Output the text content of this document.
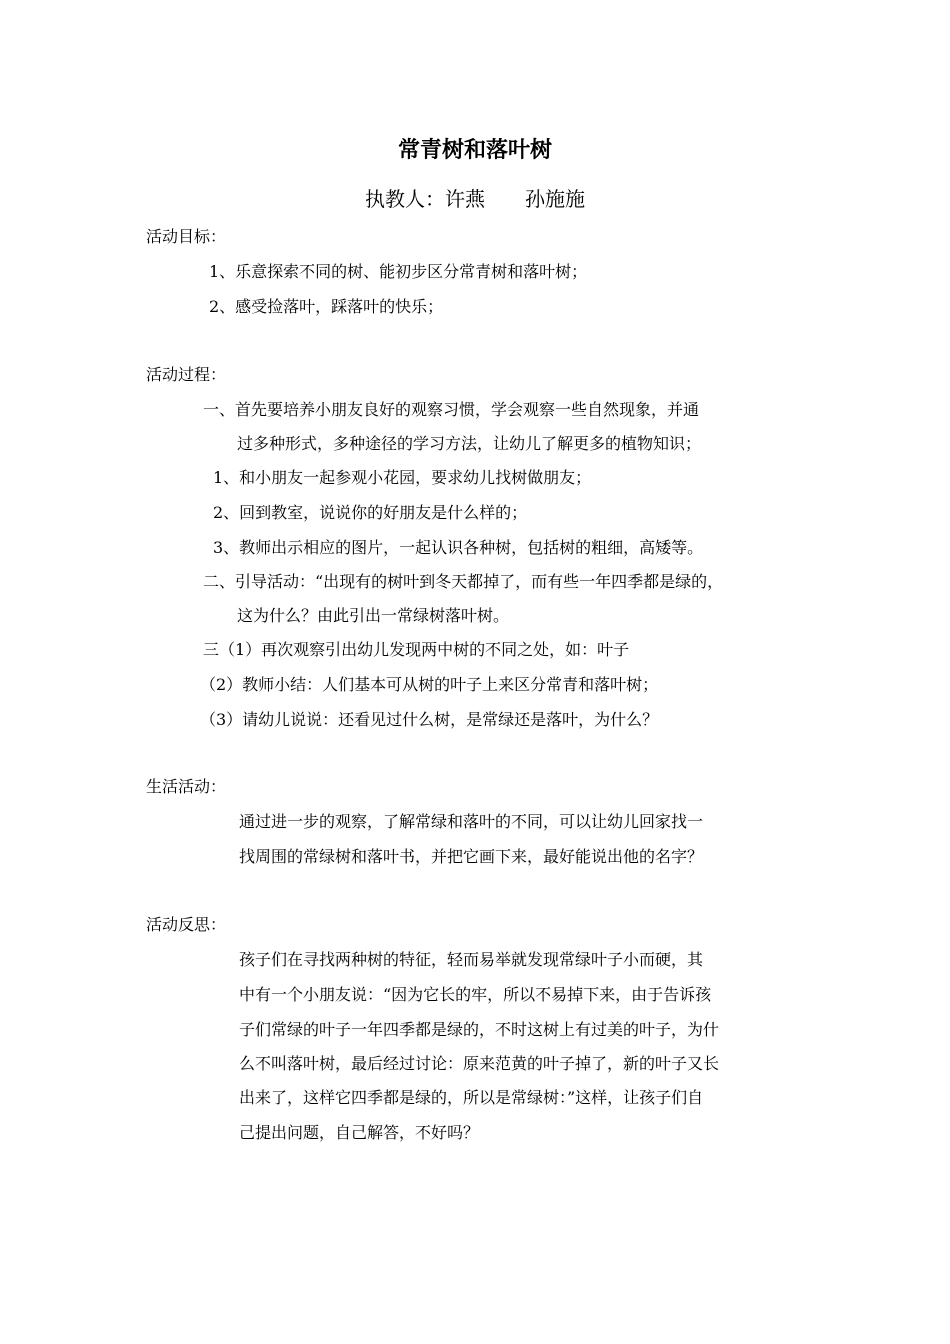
常青树和落叶树
执教人：许燕　　孙施施
活动目标：
1、乐意探索不同的树、能初步区分常青树和落叶树；
2、感受捡落叶，踩落叶的快乐；
活动过程：
一、首先要培养小朋友良好的观察习惯，学会观察一些自然现象，并通
过多种形式，多种途径的学习方法，让幼儿了解更多的植物知识；
1、和小朋友一起参观小花园，要求幼儿找树做朋友；
2、回到教室，说说你的好朋友是什么样的；
3、教师出示相应的图片，一起认识各种树，包括树的粗细，高矮等。
二、引导活动：“出现有的树叶到冬天都掉了，而有些一年四季都是绿的，
这为什么？由此引出一常绿树落叶树。
三（1）再次观察引出幼儿发现两中树的不同之处，如：叶子
（2）教师小结：人们基本可从树的叶子上来区分常青和落叶树；
（3）请幼儿说说：还看见过什么树，是常绿还是落叶，为什么？
生活活动：
通过进一步的观察，了解常绿和落叶的不同，可以让幼儿回家找一
找周围的常绿树和落叶书，并把它画下来，最好能说出他的名字？
活动反思：
孩子们在寻找两种树的特征，轻而易举就发现常绿叶子小而硬，其
中有一个小朋友说：“因为它长的牢，所以不易掉下来，由于告诉孩
子们常绿的叶子一年四季都是绿的，不时这树上有过美的叶子，为什
么不叫落叶树，最后经过讨论：原来范黄的叶子掉了，新的叶子又长
出来了，这样它四季都是绿的，所以是常绿树：”这样，让孩子们自
己提出问题，自己解答，不好吗？
